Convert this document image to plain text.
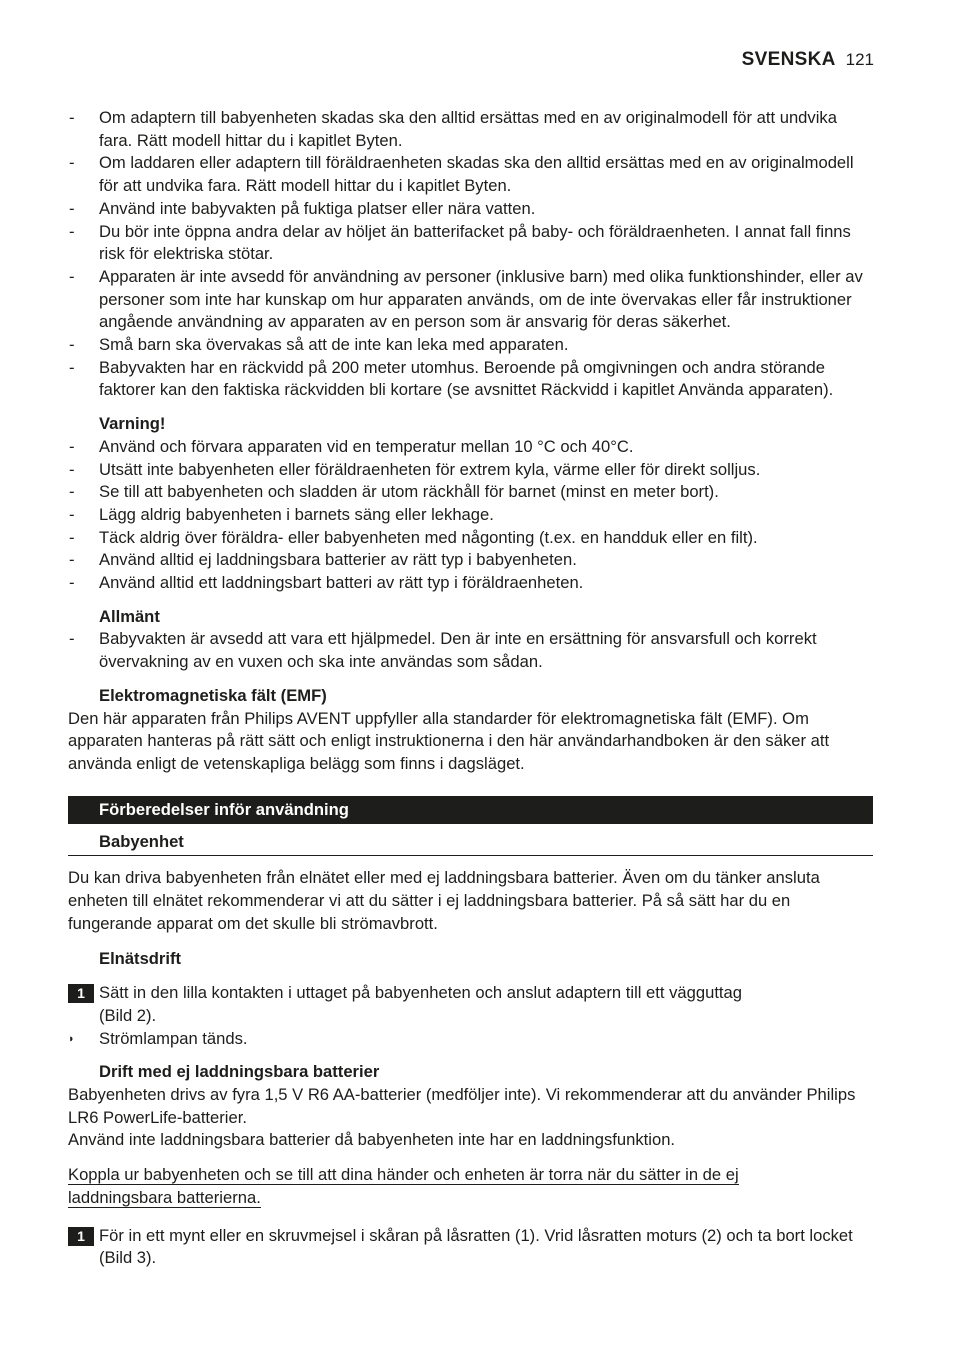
SVENSKA 121
-	Om adaptern till babyenheten skadas ska den alltid ersättas med en av originalmodell för att undvika fara. Rätt modell hittar du i kapitlet Byten.
-	Om laddaren eller adaptern till föräldraenheten skadas ska den alltid ersättas med en av originalmodell för att undvika fara. Rätt modell hittar du i kapitlet Byten.
-	Använd inte babyvakten på fuktiga platser eller nära vatten.
-	Du bör inte öppna andra delar av höljet än batterifacket på baby- och föräldraenheten. I annat fall finns risk för elektriska stötar.
-	Apparaten är inte avsedd för användning av personer (inklusive barn) med olika funktionshinder, eller av personer som inte har kunskap om hur apparaten används, om de inte övervakas eller får instruktioner angående användning av apparaten av en person som är ansvarig för deras säkerhet.
-	Små barn ska övervakas så att de inte kan leka med apparaten.
-	Babyvakten har en räckvidd på 200 meter utomhus. Beroende på omgivningen och andra störande faktorer kan den faktiska räckvidden bli kortare (se avsnittet Räckvidd i kapitlet Använda apparaten).
Varning!
-	Använd och förvara apparaten vid en temperatur mellan 10 °C och 40°C.
-	Utsätt inte babyenheten eller föräldraenheten för extrem kyla, värme eller för direkt solljus.
-	Se till att babyenheten och sladden är utom räckhåll för barnet (minst en meter bort).
-	Lägg aldrig babyenheten i barnets säng eller lekhage.
-	Täck aldrig över föräldra- eller babyenheten med någonting (t.ex. en handduk eller en filt).
-	Använd alltid ej laddningsbara batterier av rätt typ i babyenheten.
-	Använd alltid ett laddningsbart batteri av rätt typ i föräldraenheten.
Allmänt
-	Babyvakten är avsedd att vara ett hjälpmedel. Den är inte en ersättning för ansvarsfull och korrekt övervakning av en vuxen och ska inte användas som sådan.
Elektromagnetiska fält (EMF)
Den här apparaten från Philips AVENT uppfyller alla standarder för elektromagnetiska fält (EMF). Om apparaten hanteras på rätt sätt och enligt instruktionerna i den här användarhandboken är den säker att använda enligt de vetenskapliga belägg som finns i dagsläget.
Förberedelser inför användning
Babyenhet
Du kan driva babyenheten från elnätet eller med ej laddningsbara batterier. Även om du tänker ansluta enheten till elnätet rekommenderar vi att du sätter i ej laddningsbara batterier. På så sätt har du en fungerande apparat om det skulle bli strömavbrott.
Elnätsdrift
1 Sätt in den lilla kontakten i uttaget på babyenheten och anslut adaptern till ett vägguttag (Bild 2).
◗	Strömlampan tänds.
Drift med ej laddningsbara batterier
Babyenheten drivs av fyra 1,5 V R6 AA-batterier (medföljer inte). Vi rekommenderar att du använder Philips LR6 PowerLife-batterier.
Använd inte laddningsbara batterier då babyenheten inte har en laddningsfunktion.
Koppla ur babyenheten och se till att dina händer och enheten är torra när du sätter in de ej laddningsbara batterierna.
1 För in ett mynt eller en skruvmejsel i skåran på låsratten (1). Vrid låsratten moturs (2) och ta bort locket (Bild 3).
